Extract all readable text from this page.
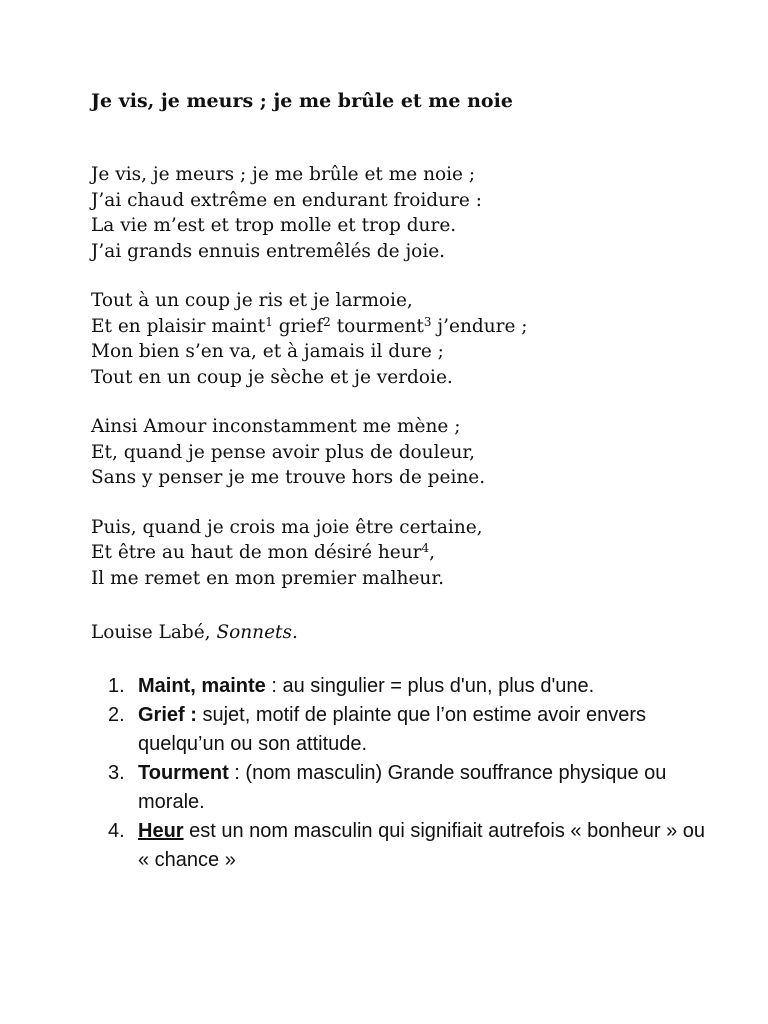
Je vis, je meurs ; je me brûle et me noie
Je vis, je meurs ; je me brûle et me noie ;
J’ai chaud extrême en endurant froidure :
La vie m’est et trop molle et trop dure.
J’ai grands ennuis entremêlés de joie.
Tout à un coup je ris et je larmoie,
Et en plaisir maint$^1$ grief$^2$ tourment$^3$ j’endure ;
Mon bien s’en va, et à jamais il dure ;
Tout en un coup je sèche et je verdoie.
Ainsi Amour inconstamment me mène ;
Et, quand je pense avoir plus de douleur,
Sans y penser je me trouve hors de peine.
Puis, quand je crois ma joie être certaine,
Et être au haut de mon désiré heur$^4$,
Il me remet en mon premier malheur.
Louise Labé, Sonnets.
1. Maint, mainte : au singulier = plus d'un, plus d'une.
2. Grief : sujet, motif de plainte que l’on estime avoir envers quelqu’un ou son attitude.
3. Tourment : (nom masculin) Grande souffrance physique ou morale.
4. Heur est un nom masculin qui signifiait autrefois « bonheur » ou « chance »
